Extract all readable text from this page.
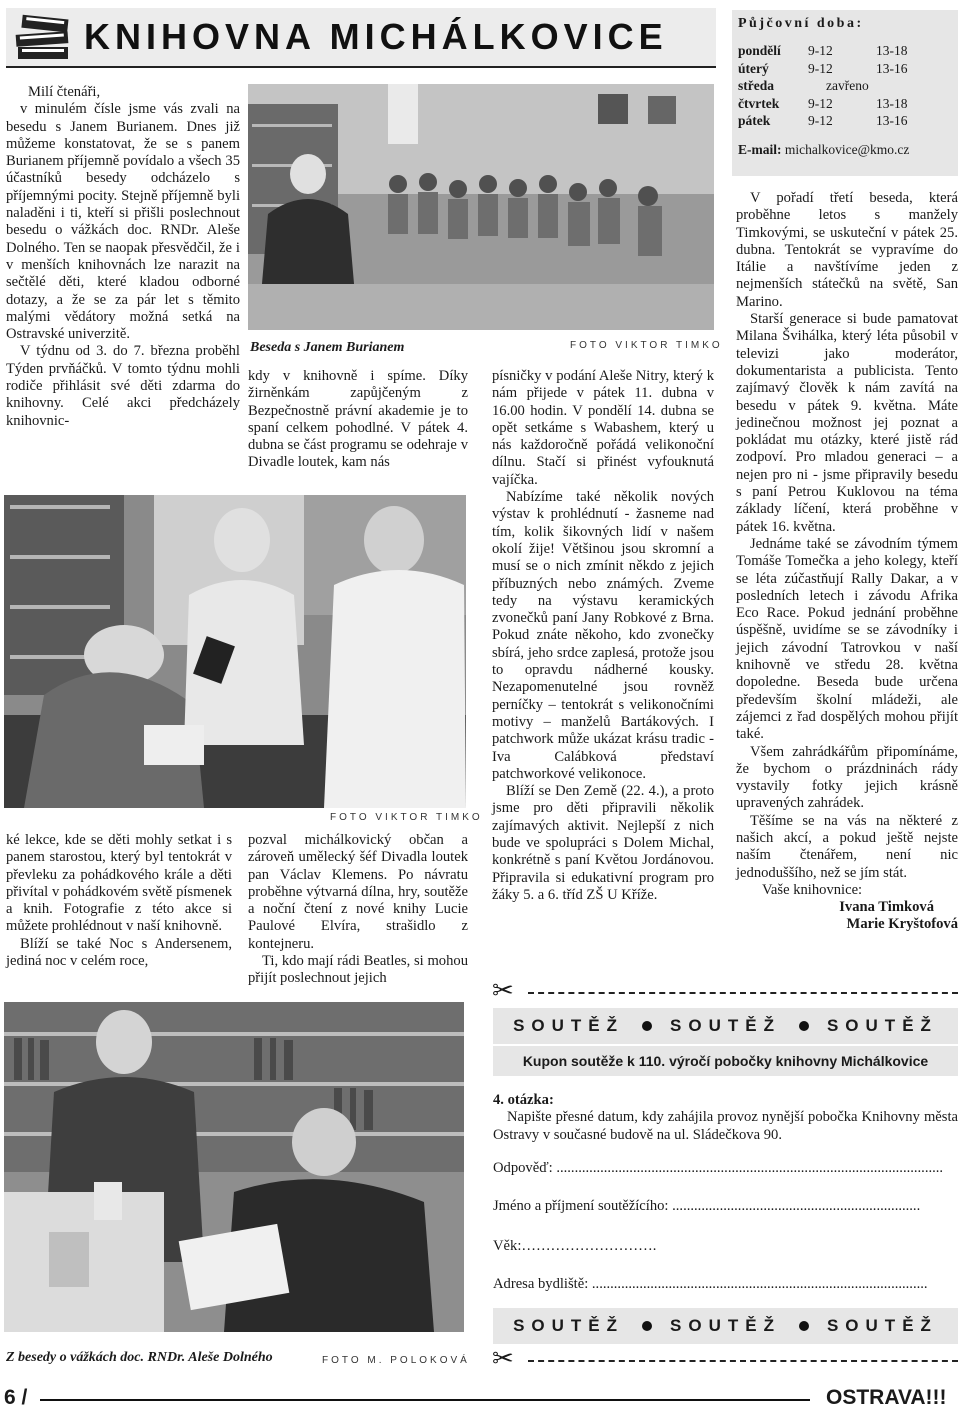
KNIHOVNA MICHÁLKOVICE

Milí čtenáři,

v minulém čísle jsme vás zvali na besedu s Janem Burianem. Dnes již můžeme konstatovat, že se s panem Burianem příjemně povídalo a všech 35 účastníků besedy odcházelo s příjemnými pocity. Stejně příjemně byli naladěni i ti, kteří si přišli poslechnout besedu o vážkách doc. RNDr. Aleše Dolného. Ten se naopak přesvědčil, že i v menších knihovnách lze narazit na sečtělé děti, které kladou odborné dotazy, a že se za pár let s těmito malými vědátory možná setká na Ostravské univerzitě.

V týdnu od 3. do 7. března proběhl Týden prvňáčků. V tomto týdnu mohli rodiče přihlásit své děti zdarma do knihovny. Celé akci předcházely knihovnic-

FOTO VIKTOR TIMKO

ké lekce, kde se děti mohly setkat i s panem starostou, který byl tentokrát v převleku za pohádkového krále a děti přivítal v pohádkovém světě písmenek a knih. Fotografie z této akce si můžete prohlédnout v naší knihovně.

Blíží se také Noc s Andersenem, jediná noc v celém roce,

Beseda s Janem Burianem	FOTO VIKTOR TIMKO

kdy v knihovně i spíme. Díky žirněnkám zapůjčeným z Bezpečnostně právní akademie je to spaní celkem pohodlné. V pátek 4. dubna se část programu se odehraje v Divadle loutek, kam nás

pozval michálkovický občan a zároveň umělecký šéf Divadla loutek pan Václav Klemens. Po návratu proběhne výtvarná dílna, hry, soutěže a noční čtení z nové knihy Lucie Paulové Elvíra, strašidlo z kontejneru.

Ti, kdo mají rádi Beatles, si mohou přijít poslechnout jejich

písničky v podání Aleše Nitry, který k nám přijede v pátek 11. dubna v 16.00 hodin. V pondělí 14. dubna se opět setkáme s Wabashem, který u nás každoročně pořádá velikonoční dílnu. Stačí si přinést vyfouknutá vajíčka.

Nabízíme také několik nových výstav k prohlédnutí - žasneme nad tím, kolik šikovných lidí v našem okolí žije! Většinou jsou skromní a musí se o nich zmínit někdo z jejich příbuzných nebo známých. Zveme tedy na výstavu keramických zvonečků paní Jany Robkové z Brna. Pokud znáte někoho, kdo zvonečky sbírá, jeho srdce zaplesá, protože jsou to opravdu nádherné kousky. Nezapomenutelné jsou rovněž perníčky – tentokrát s velikonočními motivy – manželů Bartákových. I patchwork může ukázat krásu tradic - Iva Calábková představí patchworkové velikonoce.

Blíží se Den Země (22. 4.), a proto jsme pro děti připravili několik zajímavých aktivit. Nejlepší z nich bude ve spolupráci s Dolem Michal, konkrétně s paní Květou Jordánovou. Připravila si edukativní program pro žáky 5. a 6. tříd ZŠ U Kříže.

Půjčovní doba:
pondělí	9-12	13-18
úterý	9-12	13-16
středa	zavřeno
čtvrtek	9-12	13-18
pátek	9-12	13-16
E-mail: michalkovice@kmo.cz

V pořadí třetí beseda, která proběhne letos s manžely Timkovými, se uskuteční v pátek 25. dubna. Tentokrát se vypravíme do Itálie a navštívíme jeden z nejmenších státečků na světě, San Marino.

Starší generace si bude pamatovat Milana Švihálka, který léta působil v televizi jako moderátor, dokumentarista a publicista. Tento zajímavý člověk k nám zavítá na besedu v pátek 9. května. Máte jedinečnou možnost jej poznat a pokládat mu otázky, které jistě rád zodpoví. Pro mladou generaci – a nejen pro ni - jsme připravily besedu s paní Petrou Kuklovou na téma základy líčení, která proběhne v pátek 16. května.

Jednáme také se závodním týmem Tomáše Tomečka a jeho kolegy, kteří se léta zúčastňují Rally Dakar, a v posledních letech i závodu Afrika Eco Race. Pokud jednání proběhne úspěšně, uvidíme se se závodníky i jejich závodní Tatrovkou v naší knihovně ve středu 28. května dopoledne. Beseda bude určena především školní mládeži, ale zájemci z řad dospělých mohou přijít také.

Všem zahrádkářům připomínáme, že bychom o prázdninách rády vystavily fotky jejich krásně upravených zahrádek.

Těšíme se na vás na některé z našich akcí, a pokud ještě nejste naším čtenářem, není nic jednoduššího, než se jím stát.

Vaše knihovnice:

Ivana Timková

Marie Kryštofová

✂
SOUTĚŽ	SOUTĚŽ	SOUTĚŽ
Kupon soutěže k 110. výročí pobočky knihovny Michálkovice

4. otázka:

Napište přesné datum, kdy zahájila provoz nynější pobočka Knihovny města Ostravy v současné budově na ul. Sládečkova 90.

Odpověď: ..........................................................................................................
Jméno a příjmení soutěžícího: ....................................................................
Věk:……………………….
Adresa bydliště: ............................................................................................
SOUTĚŽ	SOUTĚŽ	SOUTĚŽ
✂
Z besedy o vážkách doc. RNDr. Aleše Dolného	FOTO M. POLOKOVÁ
6 /	OSTRAVA!!!
